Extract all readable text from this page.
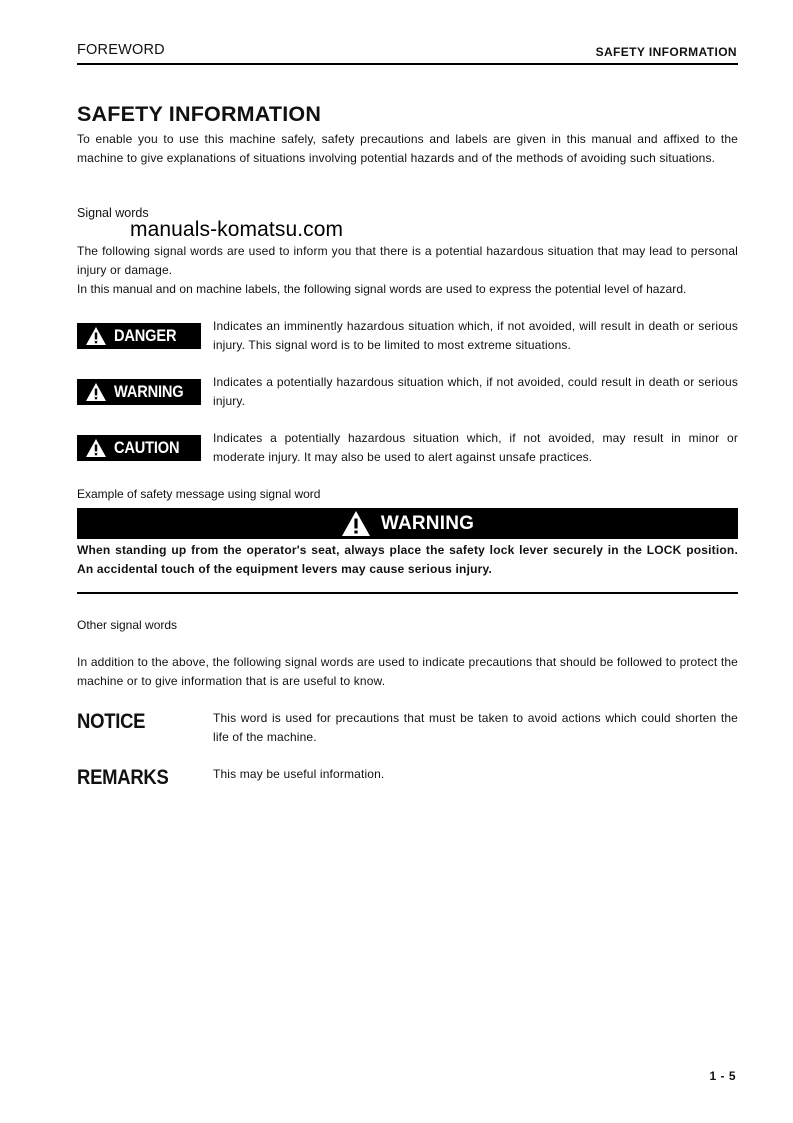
FOREWORD	SAFETY INFORMATION
SAFETY INFORMATION
To enable you to use this machine safely, safety precautions and labels are given in this manual and affixed to the machine to give explanations of situations involving potential hazards and of the methods of avoiding such situations.
Signal words
manuals-komatsu.com
The following signal words are used to inform you that there is a potential hazardous situation that may lead to personal injury or damage.
In this manual and on machine labels, the following signal words are used to express the potential level of hazard.
DANGER	Indicates an imminently hazardous situation which, if not avoided, will result in death or serious injury. This signal word is to be limited to most extreme situations.
WARNING Indicates a potentially hazardous situation which, if not avoided, could result in death or serious injury.
CAUTION	Indicates a potentially hazardous situation which, if not avoided, may result in minor or moderate injury. It may also be used to alert against unsafe practices.
Example of safety message using signal word
WARNING
When standing up from the operator's seat, always place the safety lock lever securely in the LOCK position. An accidental touch of the equipment levers may cause serious injury.
Other signal words
In addition to the above, the following signal words are used to indicate precautions that should be followed to protect the machine or to give information that is are useful to know.
NOTICE	This word is used for precautions that must be taken to avoid actions which could shorten the life of the machine.
REMARKS	This may be useful information.
1 - 5
